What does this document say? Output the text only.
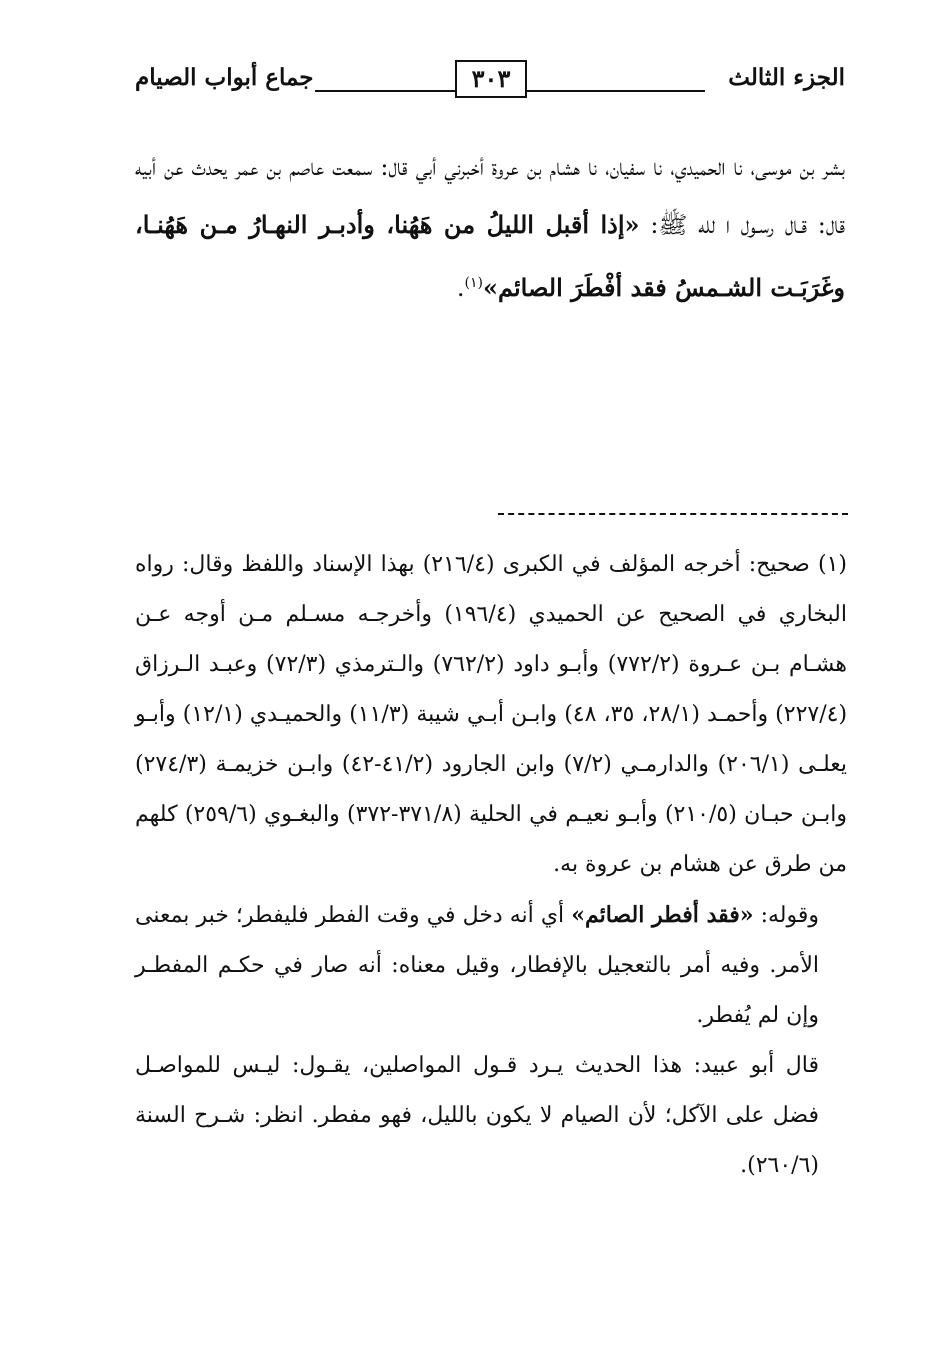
الجزء الثالث
٣٠٣
جماع أبواب الصيام
بشر بن موسى، نا الحميدي، نا سفيان، نا هشام بن عروة أخبرني أبي قال: سمعت عاصم بن عمر يحدث عن أبيه قال: قـال رسـول ا لله ﷺ: «إذا أقبل الليلُ من هَهُنا، وأدبـر النهـارُ مـن هَهُنـا، وغَرَبَـت الشـمسُ فقد أفْطَرَ الصائم»$^{(١)}$.

(١) صحيح: أخرجه المؤلف في الكبرى (٢١٦/٤) بهذا الإسناد واللفظ وقال: رواه البخاري في الصحيح عن الحميدي (١٩٦/٤) وأخرجـه مسـلم مـن أوجه عـن هشـام بـن عـروة (٧٧٢/٢) وأبـو داود (٧٦٢/٢) والـترمذي (٧٢/٣) وعبـد الـرزاق (٢٢٧/٤) وأحمـد (٢٨/١، ٣٥، ٤٨) وابـن أبـي شيبة (١١/٣) والحميـدي (١٢/١) وأبـو يعلـى (٢٠٦/١) والدارمـي (٧/٢) وابن الجارود (٤١/٢-٤٢) وابـن خزيمـة (٢٧٤/٣) وابـن حبـان (٢١٠/٥) وأبـو نعيـم في الحلية (٣٧١/٨-٣٧٢) والبغـوي (٢٥٩/٦) كلهم من طرق عن هشام بن عروة به.

وقوله: «فقد أفطر الصائم» أي أنه دخل في وقت الفطر فليفطر؛ خبر بمعنى الأمر. وفيه أمر بالتعجيل بالإفطار، وقيل معناه: أنه صار في حكـم المفطـر وإن لم يُفطر.

قال أبو عبيد: هذا الحديث يـرد قـول المواصلين، يقـول: ليـس للمواصـل فضل على الآكل؛ لأن الصيام لا يكون بالليل، فهو مفطر. انظر: شـرح السنة (٢٦٠/٦).
